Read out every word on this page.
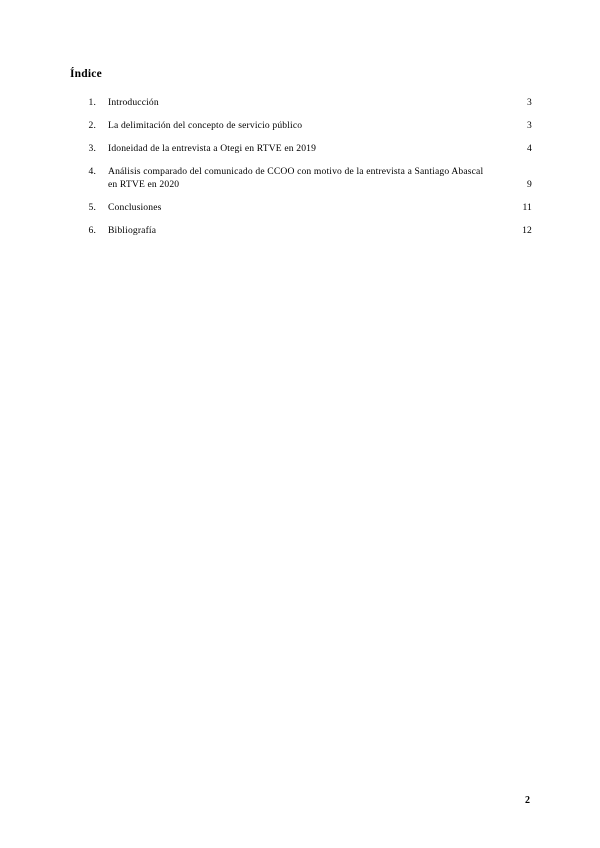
Índice
1.	Introducción	3
2.	La delimitación del concepto de servicio público	3
3.	Idoneidad de la entrevista a Otegi en RTVE en 2019	4
4.	Análisis comparado del comunicado de CCOO con motivo de la entrevista a Santiago Abascal en RTVE en 2020	9
5.	Conclusiones	11
6.	Bibliografía	12
2
